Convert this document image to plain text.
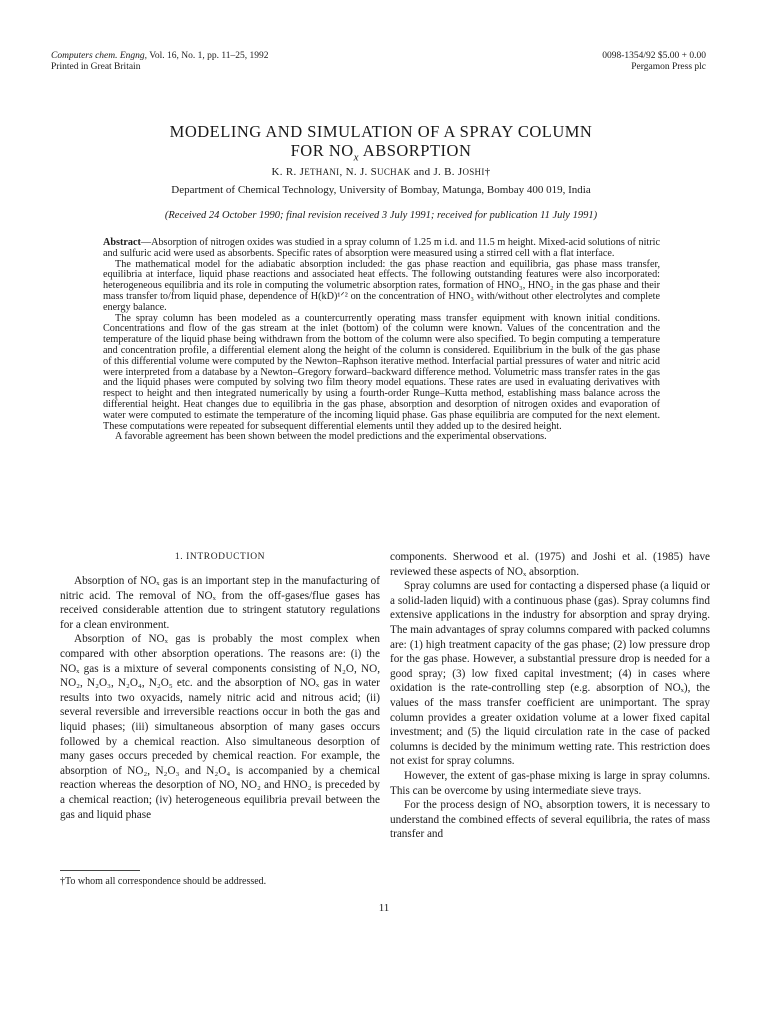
Computers chem. Engng, Vol. 16, No. 1, pp. 11–25, 1992
Printed in Great Britain
0098-1354/92 $5.00 + 0.00
Pergamon Press plc
MODELING AND SIMULATION OF A SPRAY COLUMN
FOR $NO_x$ ABSORPTION
K. R. JETHANI, N. J. SUCHAK and J. B. JOSHI†
Department of Chemical Technology, University of Bombay, Matunga, Bombay 400 019, India
(Received 24 October 1990; final revision received 3 July 1991; received for publication 11 July 1991)

Abstract—Absorption of nitrogen oxides was studied in a spray column of 1.25 m i.d. and 11.5 m height. Mixed-acid solutions of nitric and sulfuric acid were used as absorbents. Specific rates of absorption were measured using a stirred cell with a flat interface.

The mathematical model for the adiabatic absorption included: the gas phase reaction and equilibria, gas phase mass transfer, equilibria at interface, liquid phase reactions and associated heat effects. The following outstanding features were also incorporated: heterogeneous equilibria and its role in computing the volumetric absorption rates, formation of HNO₃, HNO₂ in the gas phase and their mass transfer to/from liquid phase, dependence of H(kD)¹ᐟ² on the concentration of HNO₃ with/without other electrolytes and complete energy balance.

The spray column has been modeled as a countercurrently operating mass transfer equipment with known initial conditions. Concentrations and flow of the gas stream at the inlet (bottom) of the column were known. Values of the concentration and the temperature of the liquid phase being withdrawn from the bottom of the column were also specified. To begin computing a temperature and concentration profile, a differential element along the height of the column is considered. Equilibrium in the bulk of the gas phase of this differential volume were computed by the Newton–Raphson iterative method. Interfacial partial pressures of water and nitric acid were interpreted from a database by a Newton–Gregory forward–backward difference method. Volumetric mass transfer rates in the gas and the liquid phases were computed by solving two film theory model equations. These rates are used in evaluating derivatives with respect to height and then integrated numerically by using a fourth-order Runge–Kutta method, establishing mass balance across the differential height. Heat changes due to equilibria in the gas phase, absorption and desorption of nitrogen oxides and evaporation of water were computed to estimate the temperature of the incoming liquid phase. Gas phase equilibria are computed for the next element. These computations were repeated for subsequent differential elements until they added up to the desired height.

A favorable agreement has been shown between the model predictions and the experimental observations.

1. INTRODUCTION

Absorption of NOₓ gas is an important step in the manufacturing of nitric acid. The removal of NOₓ from the off-gases/flue gases has received considerable attention due to stringent statutory regulations for a clean environment.

Absorption of NOₓ gas is probably the most complex when compared with other absorption operations. The reasons are: (i) the NOₓ gas is a mixture of several components consisting of N₂O, NO, NO₂, N₂O₃, N₂O₄, N₂O₅ etc. and the absorption of NOₓ gas in water results into two oxyacids, namely nitric acid and nitrous acid; (ii) several reversible and irreversible reactions occur in both the gas and liquid phases; (iii) simultaneous absorption of many gases occurs followed by a chemical reaction. Also simultaneous desorption of many gases occurs preceded by chemical reaction. For example, the absorption of NO₂, N₂O₃ and N₂O₄ is accompanied by a chemical reaction whereas the desorption of NO, NO₂ and HNO₂ is preceded by a chemical reaction; (iv) heterogeneous equilibria prevail between the gas and liquid phase

components. Sherwood et al. (1975) and Joshi et al. (1985) have reviewed these aspects of NOₓ absorption.

Spray columns are used for contacting a dispersed phase (a liquid or a solid-laden liquid) with a continuous phase (gas). Spray columns find extensive applications in the industry for absorption and spray drying. The main advantages of spray columns compared with packed columns are: (1) high treatment capacity of the gas phase; (2) low pressure drop for the gas phase. However, a substantial pressure drop is needed for a good spray; (3) low fixed capital investment; (4) in cases where oxidation is the rate-controlling step (e.g. absorption of NOₓ), the values of the mass transfer coefficient are unimportant. The spray column provides a greater oxidation volume at a lower fixed capital investment; and (5) the liquid circulation rate in the case of packed columns is decided by the minimum wetting rate. This restriction does not exist for spray columns.

However, the extent of gas-phase mixing is large in spray columns. This can be overcome by using intermediate sieve trays.

For the process design of NOₓ absorption towers, it is necessary to understand the combined effects of several equilibria, the rates of mass transfer and

†To whom all correspondence should be addressed.
11
